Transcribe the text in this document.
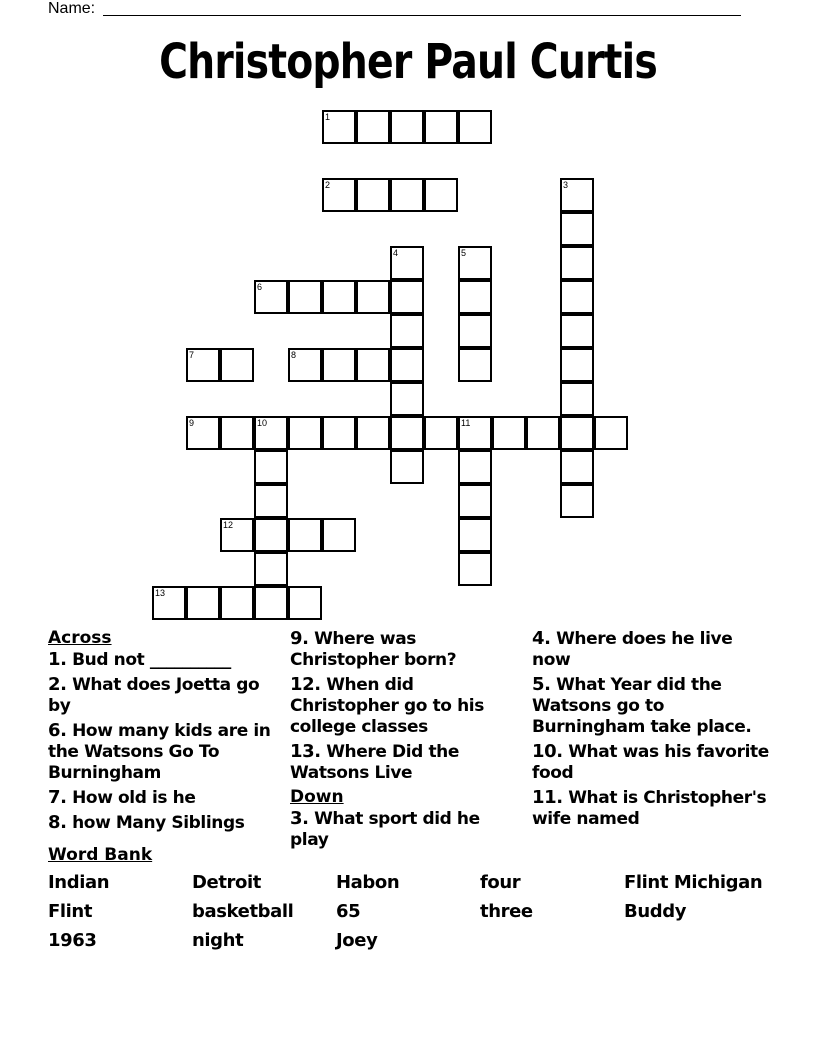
Name:
Christopher Paul Curtis
1
2	3
4	5
6
7	8
9	10	11
12
13
Across
1. Bud not __________
2. What does Joetta go by
6. How many kids are in the Watsons Go To Burningham
7. How old is he
8. how Many Siblings
9. Where was Christopher born?
12. When did Christopher go to his college classes
13. Where Did the Watsons Live
Down
3. What sport did he play
4. Where does he live now
5. What Year did the Watsons go to Burningham take place.
10. What was his favorite food
11. What is Christopher's wife named
Word Bank
Indian	Detroit	Habon	four	Flint Michigan
Flint	basketball 65	three	Buddy
1963	night	Joey
